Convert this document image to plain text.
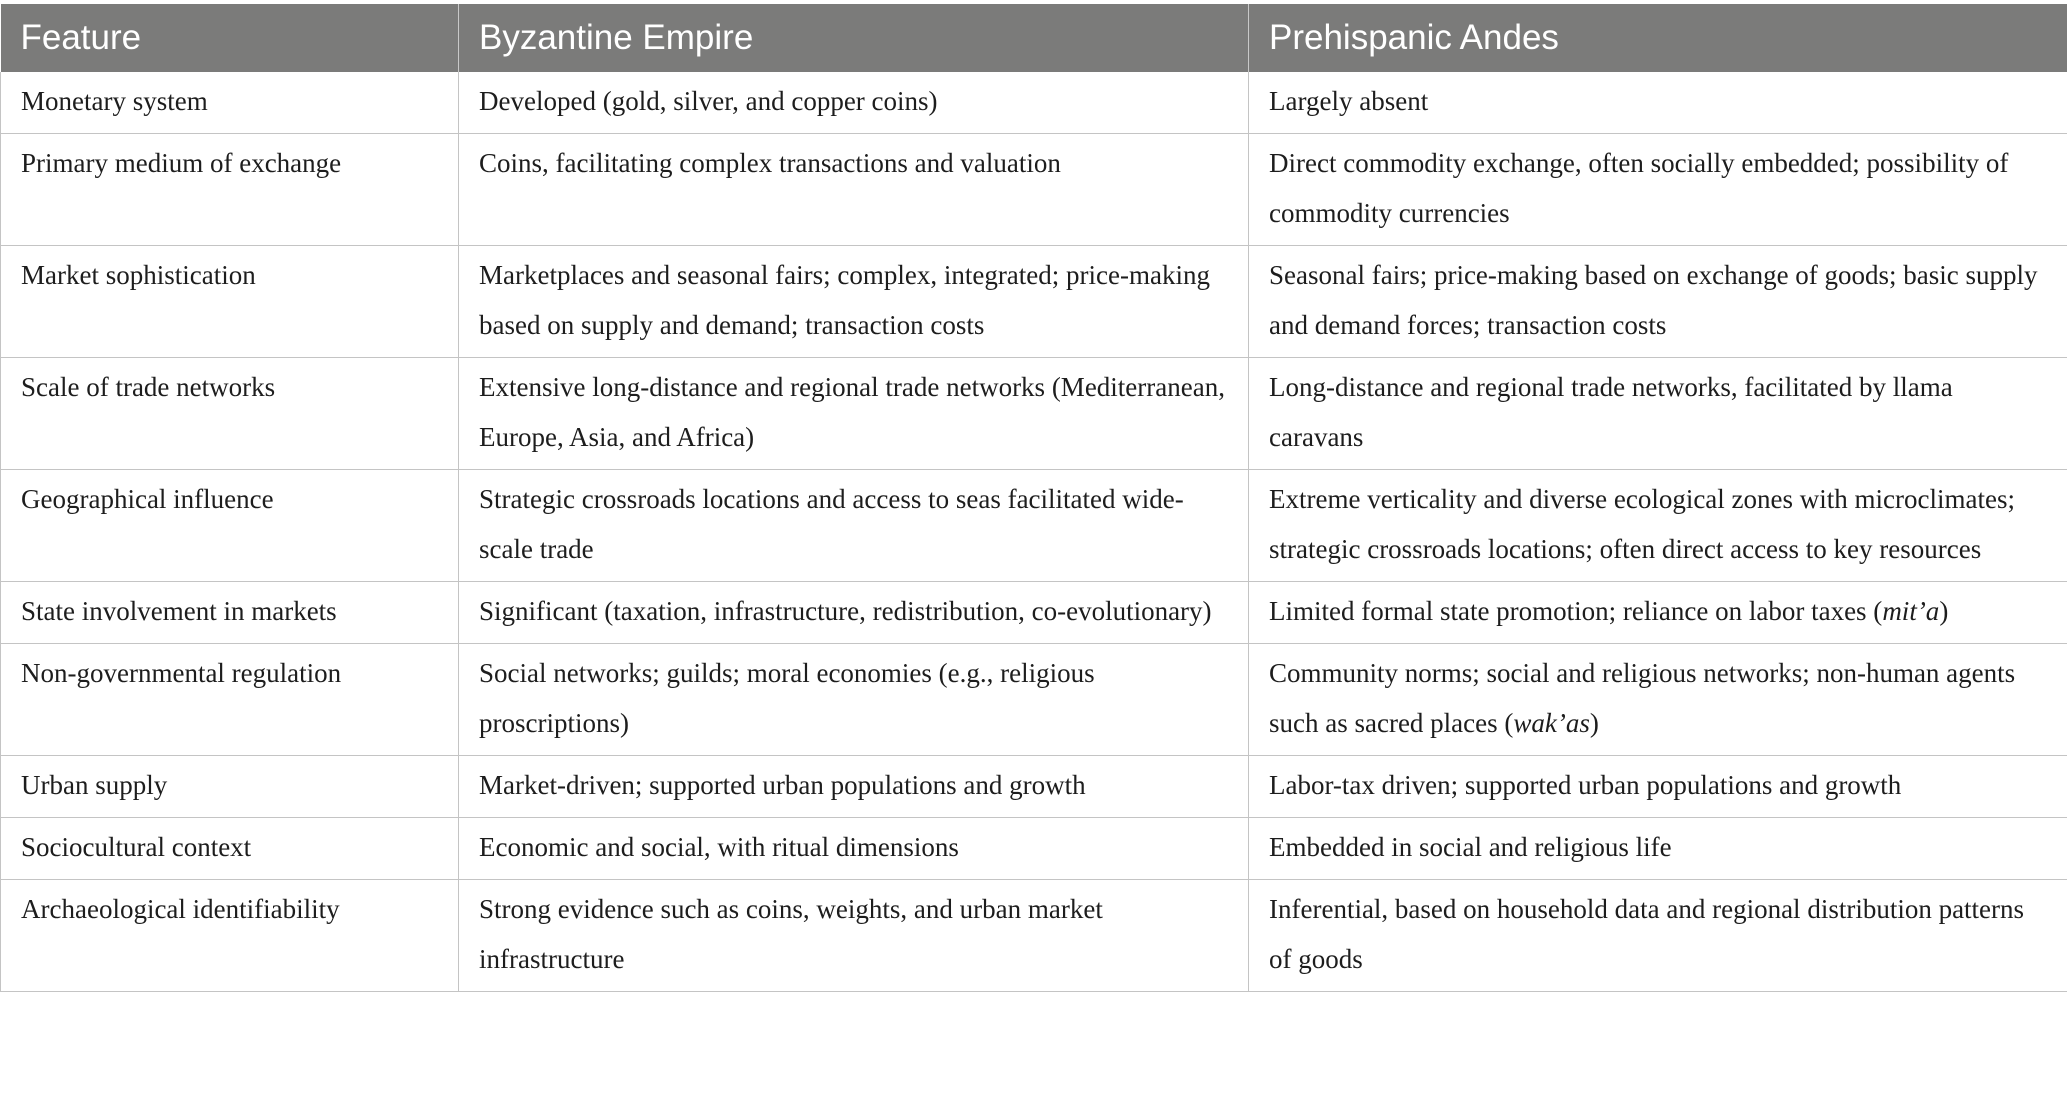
Feature	Byzantine Empire	Prehispanic Andes
Monetary system	Developed (gold, silver, and copper coins)	Largely absent
Primary medium of exchange	Coins, facilitating complex transactions and valuation	Direct commodity exchange, often socially embedded; possibility of commodity currencies
Market sophistication	Marketplaces and seasonal fairs; complex, integrated; price-making based on supply and demand; transaction costs	Seasonal fairs; price-making based on exchange of goods; basic supply and demand forces; transaction costs
Scale of trade networks	Extensive long-distance and regional trade networks (Mediterranean, Europe, Asia, and Africa)	Long-distance and regional trade networks, facilitated by llama caravans
Geographical influence	Strategic crossroads locations and access to seas facilitated wide-scale trade	Extreme verticality and diverse ecological zones with microclimates; strategic crossroads locations; often direct access to key resources
State involvement in markets	Significant (taxation, infrastructure, redistribution, co-evolutionary)	Limited formal state promotion; reliance on labor taxes (mit’a)
Non-governmental regulation	Social networks; guilds; moral economies (e.g., religious proscriptions)	Community norms; social and religious networks; non-human agents such as sacred places (wak’as)
Urban supply	Market-driven; supported urban populations and growth	Labor-tax driven; supported urban populations and growth
Sociocultural context	Economic and social, with ritual dimensions	Embedded in social and religious life
Archaeological identifiability	Strong evidence such as coins, weights, and urban market infrastructure	Inferential, based on household data and regional distribution patterns of goods
